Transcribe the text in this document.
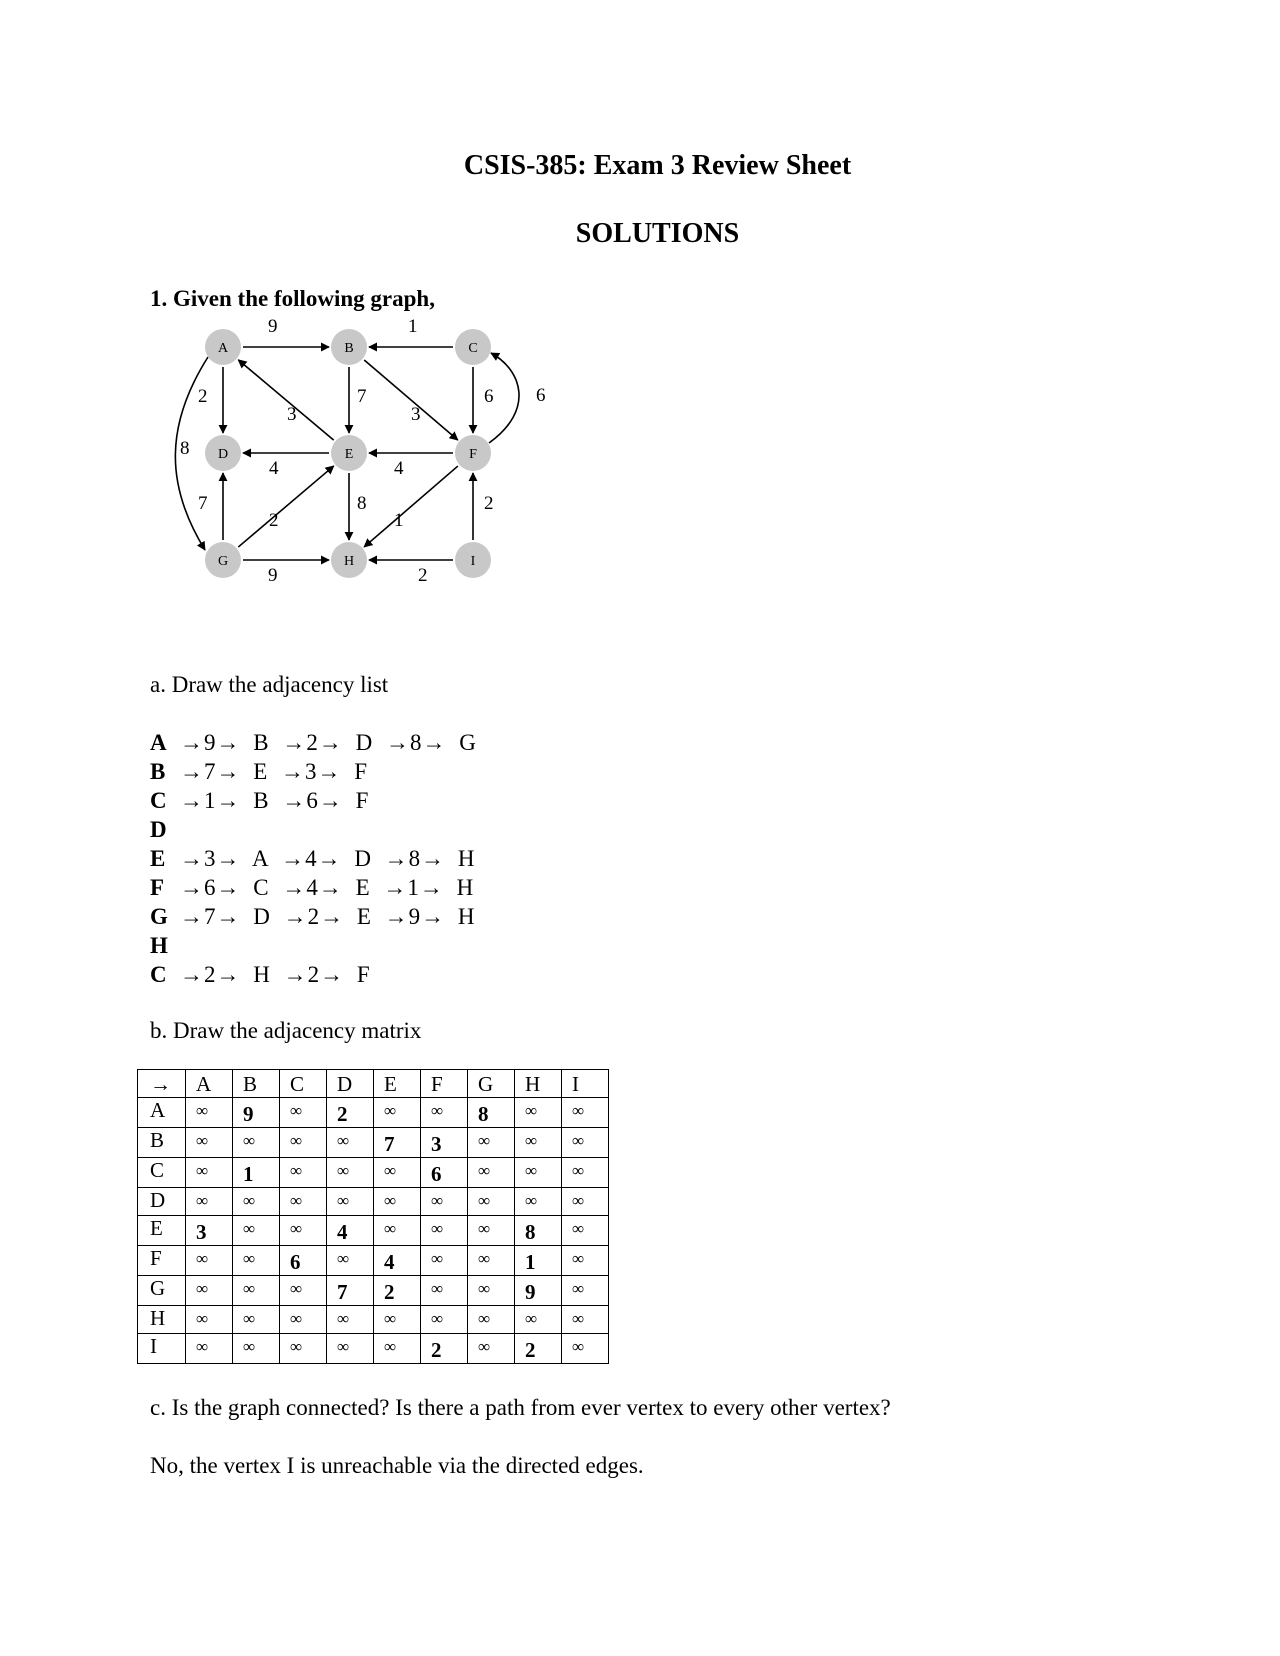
CSIS-385: Exam 3 Review Sheet
SOLUTIONS
1. Given the following graph,
A	B	C
D	E	F
G	H	I
9	1
2
3
7
3
6 6
8
4	4
7
2
8
1
2
9	2
a. Draw the adjacency list
A →9→ B →2→ D →8→ G
B →7→ E →3→ F
C →1→ B →6→ F
D
E →3→ A →4→ D →8→ H
F →6→ C →4→ E →1→ H
G →7→ D →2→ E →9→ H
H
C →2→ H →2→ F
b. Draw the adjacency matrix
→	A	B	C	D	E	F	G	H	I
A	∞	9	∞	2	∞	∞	8	∞	∞
B	∞	∞	∞	∞	7	3	∞	∞	∞
C	∞	1	∞	∞	∞	6	∞	∞	∞
D	∞	∞	∞	∞	∞	∞	∞	∞	∞
E	3	∞	∞	4	∞	∞	∞	8	∞
F	∞	∞	6	∞	4	∞	∞	1	∞
G	∞	∞	∞	7	2	∞	∞	9	∞
H	∞	∞	∞	∞	∞	∞	∞	∞	∞
I	∞	∞	∞	∞	∞	2	∞	2	∞
c. Is the graph connected? Is there a path from ever vertex to every other vertex?
No, the vertex I is unreachable via the directed edges.
